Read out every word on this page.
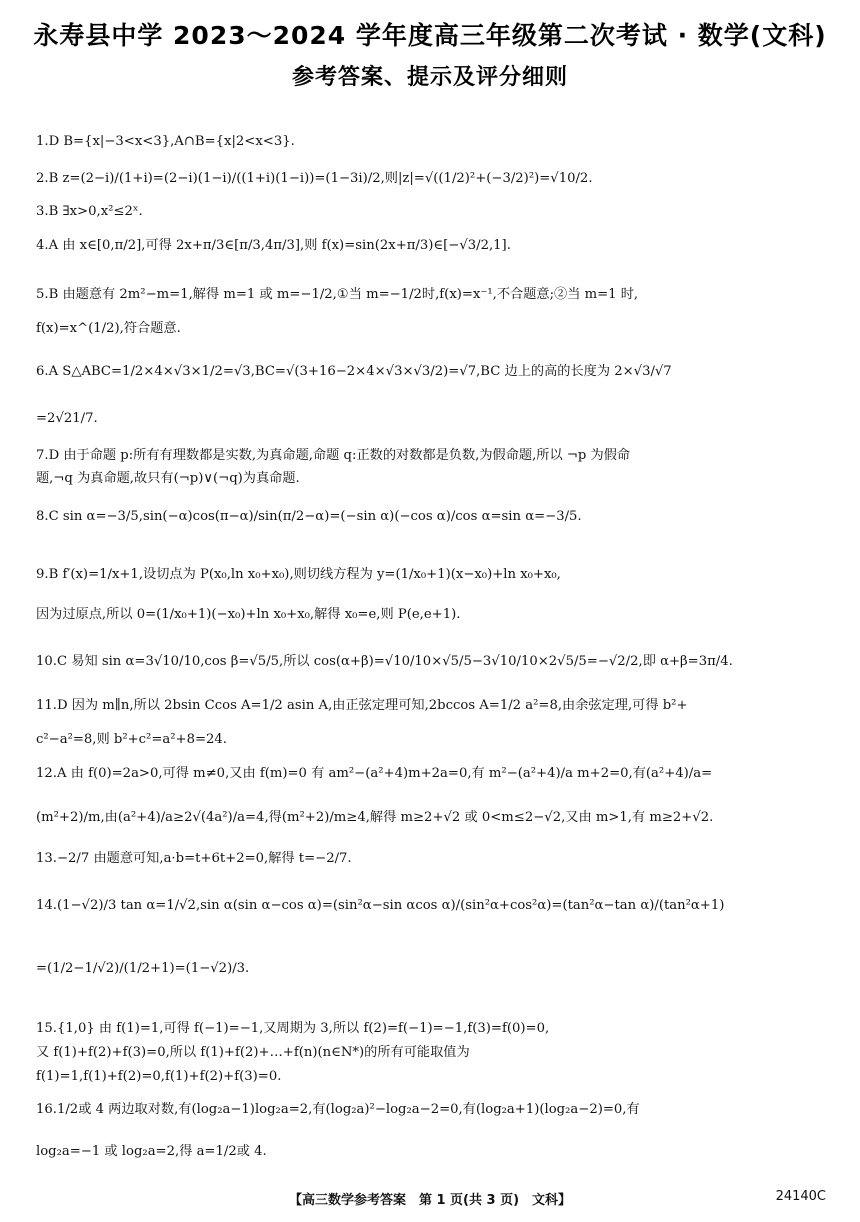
永寿县中学 2023～2024 学年度高三年级第二次考试 · 数学(文科)
参考答案、提示及评分细则
1.D B={x|−3<x<3},A∩B={x|2<x<3}.
2.B z=(2−i)/(1+i)=(2−i)(1−i)/((1+i)(1−i))=(1−3i)/2,则|z|=√((1/2)²+(−3/2)²)=√10/2.
3.B ∃x>0,x²≤2ˣ.
4.A 由 x∈[0,π/2],可得 2x+π/3∈[π/3,4π/3],则 f(x)=sin(2x+π/3)∈[−√3/2,1].
5.B 由题意有 2m²−m=1,解得 m=1 或 m=−1/2,①当 m=−1/2时,f(x)=x⁻¹,不合题意;②当 m=1 时,
f(x)=x^(1/2),符合题意.
6.A S△ABC=1/2×4×√3×1/2=√3,BC=√(3+16−2×4×√3×√3/2)=√7,BC 边上的高的长度为 2×√3/√7
=2√21/7.
7.D 由于命题 p:所有有理数都是实数,为真命题,命题 q:正数的对数都是负数,为假命题,所以 ¬p 为假命
题,¬q 为真命题,故只有(¬p)∨(¬q)为真命题.
8.C sin α=−3/5,sin(−α)cos(π−α)/sin(π/2−α)=(−sin α)(−cos α)/cos α=sin α=−3/5.
9.B f′(x)=1/x+1,设切点为 P(x₀,ln x₀+x₀),则切线方程为 y=(1/x₀+1)(x−x₀)+ln x₀+x₀,
因为过原点,所以 0=(1/x₀+1)(−x₀)+ln x₀+x₀,解得 x₀=e,则 P(e,e+1).
10.C 易知 sin α=3√10/10,cos β=√5/5,所以 cos(α+β)=√10/10×√5/5−3√10/10×2√5/5=−√2/2,即 α+β=3π/4.
11.D 因为 m∥n,所以 2bsin Ccos A=1/2 asin A,由正弦定理可知,2bccos A=1/2 a²=8,由余弦定理,可得 b²+
c²−a²=8,则 b²+c²=a²+8=24.
12.A 由 f(0)=2a>0,可得 m≠0,又由 f(m)=0 有 am²−(a²+4)m+2a=0,有 m²−(a²+4)/a m+2=0,有(a²+4)/a=
(m²+2)/m,由(a²+4)/a≥2√(4a²)/a=4,得(m²+2)/m≥4,解得 m≥2+√2 或 0<m≤2−√2,又由 m>1,有 m≥2+√2.
13.−2/7 由题意可知,a·b=t+6t+2=0,解得 t=−2/7.
14.(1−√2)/3 tan α=1/√2,sin α(sin α−cos α)=(sin²α−sin αcos α)/(sin²α+cos²α)=(tan²α−tan α)/(tan²α+1)
=(1/2−1/√2)/(1/2+1)=(1−√2)/3.
15.{1,0} 由 f(1)=1,可得 f(−1)=−1,又周期为 3,所以 f(2)=f(−1)=−1,f(3)=f(0)=0,
又 f(1)+f(2)+f(3)=0,所以 f(1)+f(2)+…+f(n)(n∈N*)的所有可能取值为
f(1)=1,f(1)+f(2)=0,f(1)+f(2)+f(3)=0.
16.1/2或 4 两边取对数,有(log₂a−1)log₂a=2,有(log₂a)²−log₂a−2=0,有(log₂a+1)(log₂a−2)=0,有
log₂a=−1 或 log₂a=2,得 a=1/2或 4.
【高三数学参考答案　第 1 页(共 3 页)　文科】	24140C
